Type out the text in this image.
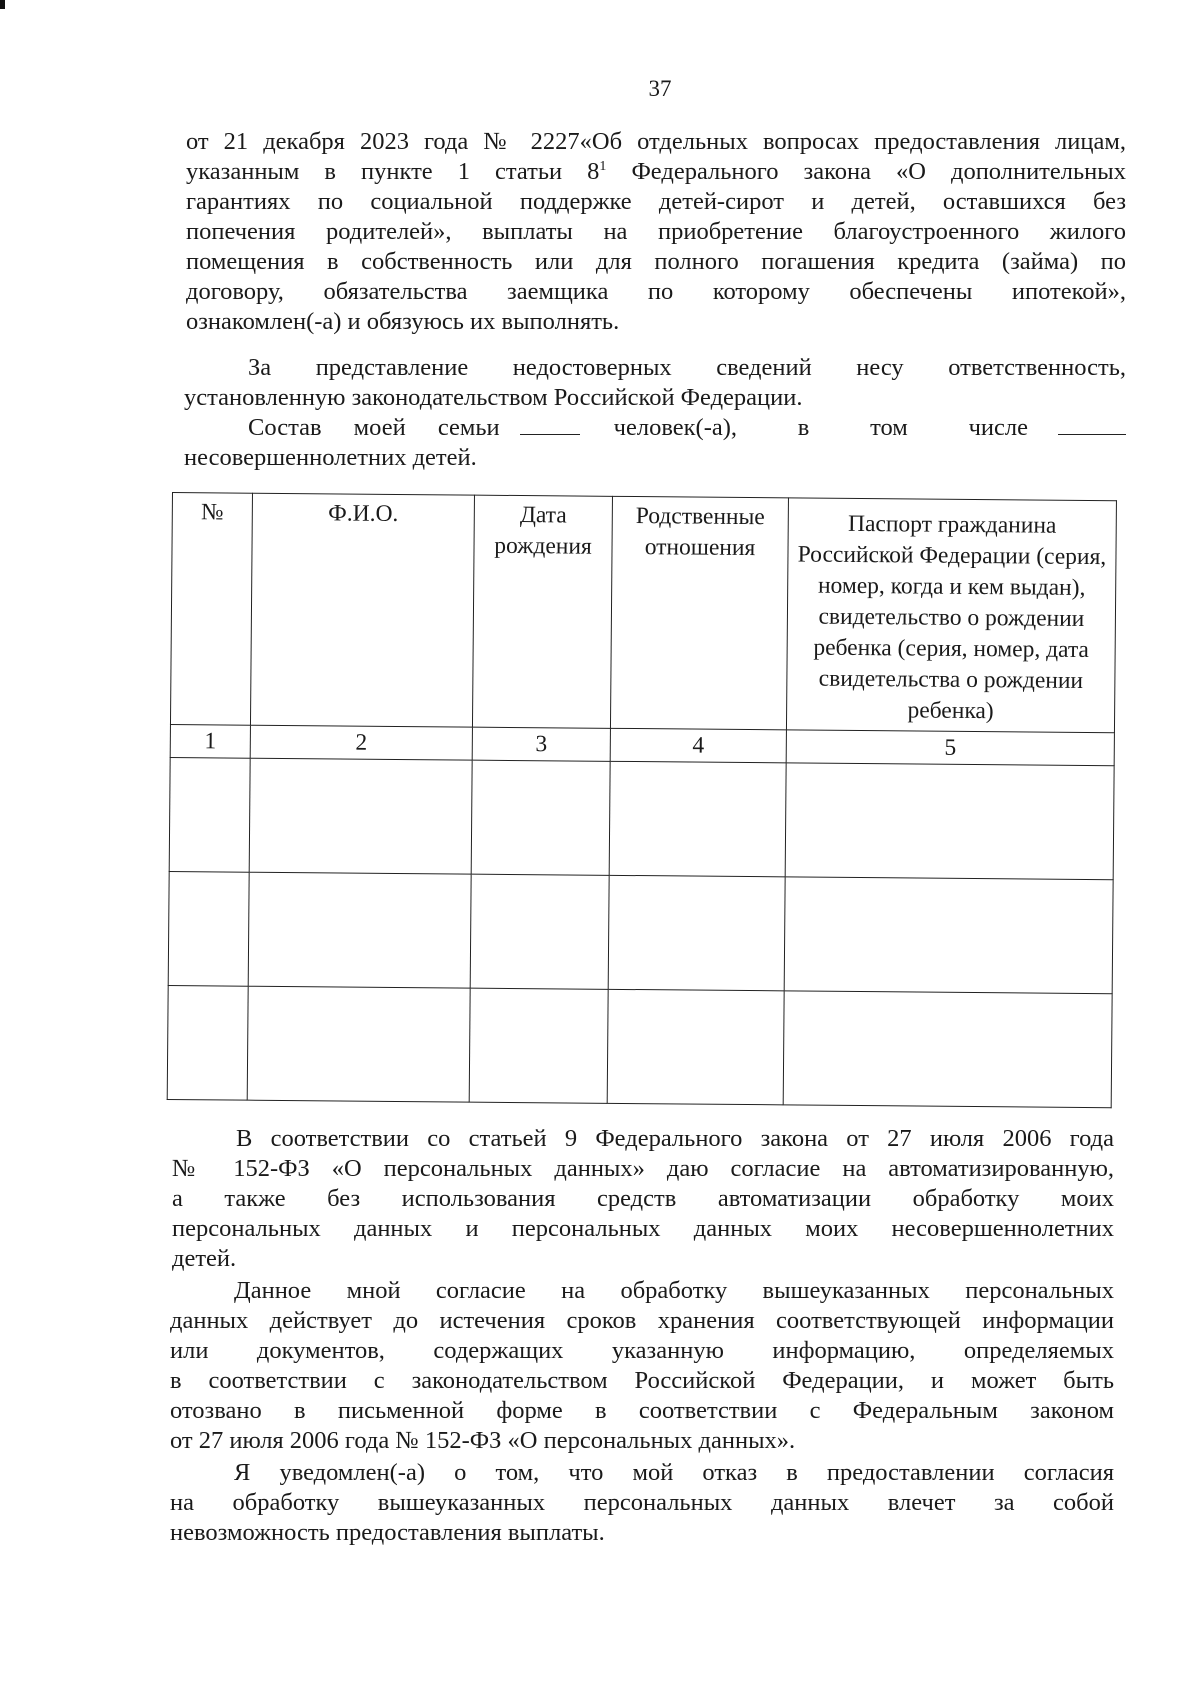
37
от 21 декабря 2023 года № 2227«Об отдельных вопросах предоставления лицам,
указанным в пункте 1 статьи $8^1$ Федерального закона «О дополнительных
гарантиях по социальной поддержке детей-сирот и детей, оставшихся без
попечения родителей», выплаты на приобретение благоустроенного жилого
помещения в собственность или для полного погашения кредита (займа) по
договору, обязательства заемщика по которому обеспечены ипотекой»,
ознакомлен(-а) и обязуюсь их выполнять.
За представление недостоверных сведений несу ответственность,
установленную законодательством Российской Федерации.
Состав моей семьи	человек(-а), в том числе
несовершеннолетних детей.
№	Ф.И.О.	Дата рождения	Родственные отношения	Паспорт гражданина Российской Федерации (серия, номер, когда и кем выдан), свидетельство о рождении ребенка (серия, номер, дата свидетельства о рождении ребенка)
1	2	3	4	5

В соответствии со статьей 9 Федерального закона от 27 июля 2006 года
№ 152-ФЗ «О персональных данных» даю согласие на автоматизированную,
а также без использования средств автоматизации обработку моих
персональных данных и персональных данных моих несовершеннолетних
детей.
Данное мной согласие на обработку вышеуказанных персональных
данных действует до истечения сроков хранения соответствующей информации
или документов, содержащих указанную информацию, определяемых
в соответствии с законодательством Российской Федерации, и может быть
отозвано в письменной форме в соответствии с Федеральным законом
от 27 июля 2006 года № 152-ФЗ «О персональных данных».
Я уведомлен(-а) о том, что мой отказ в предоставлении согласия
на обработку вышеуказанных персональных данных влечет за собой
невозможность предоставления выплаты.
